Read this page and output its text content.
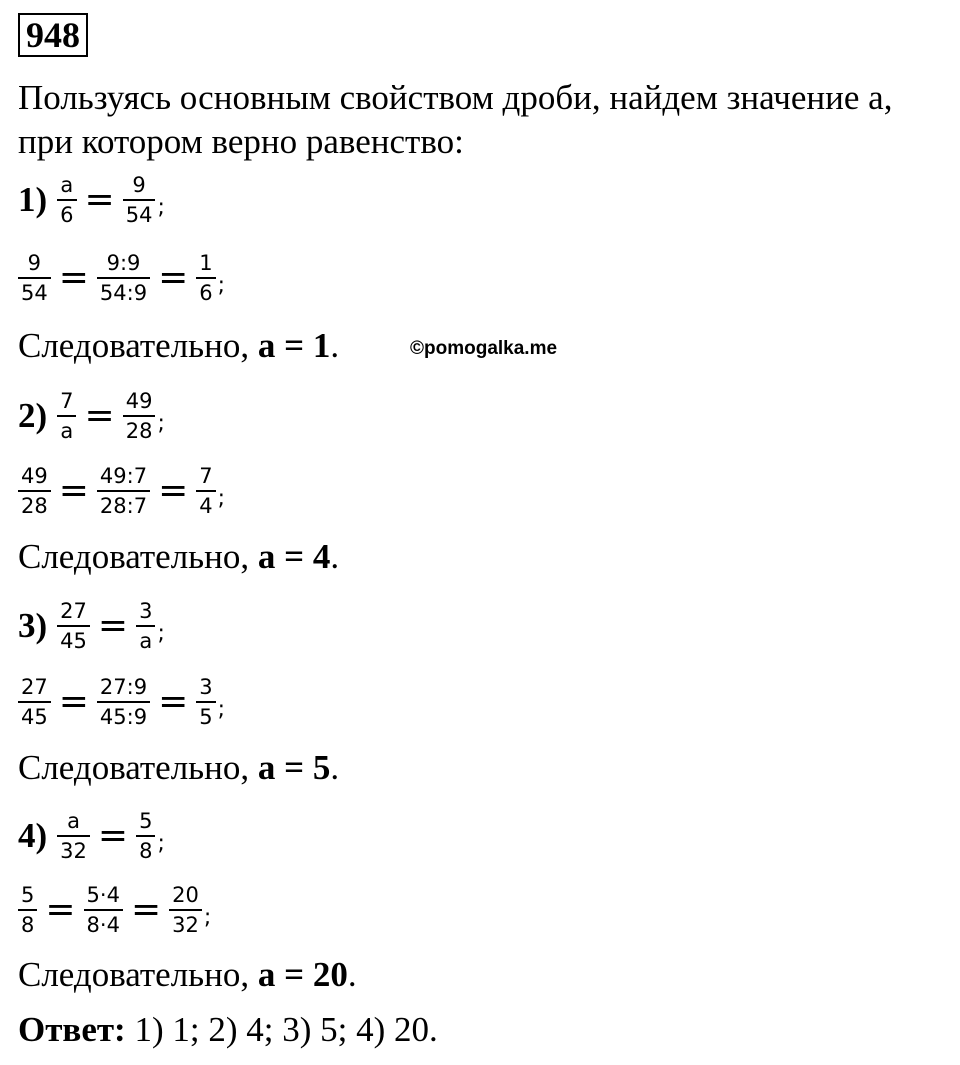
948
Пользуясь основным свойством дроби, найдем значение а, при котором верно равенство:
$1) \frac{a}{6} = \frac{9}{54}$ ;
$\frac{9}{54} = \frac{9:9}{54:9} = \frac{1}{6}$ ;
Следовательно,
а = 1 .	©pomogalka.me
$2) \frac{7}{a} = \frac{49}{28}$ ;
$\frac{49}{28} = \frac{49:7}{28:7} = \frac{7}{4}$ ;
Следовательно,
а = 4 .
$3) \frac{27}{45} = \frac{3}{a}$ ;
$\frac{27}{45} = \frac{27:9}{45:9} = \frac{3}{5}$ ;
Следовательно,
а = 5 .
$4) \frac{a}{32} = \frac{5}{8}$ ;
$\frac{5}{8} = \frac{5\cdot 4}{8\cdot 4} = \frac{20}{32}$ ;
Следовательно,
а = 20 .
Ответ: 1) 1; 2) 4; 3) 5; 4) 20.
